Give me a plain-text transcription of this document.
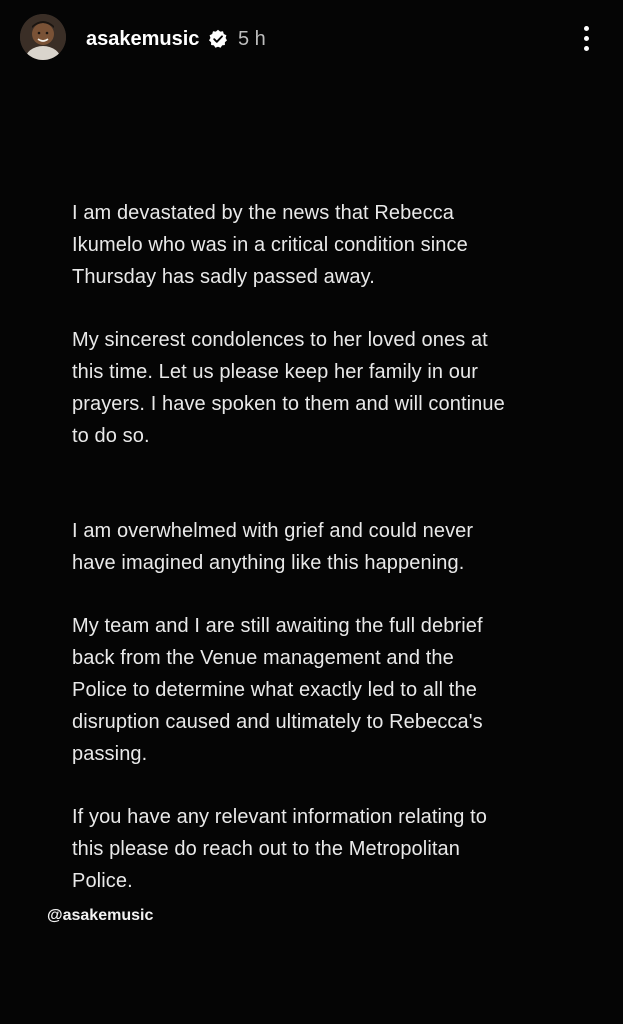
asakemusic 5 h

I am devastated by the news that Rebecca
Ikumelo who was in a critical condition since
Thursday has sadly passed away.

My sincerest condolences to her loved ones at
this time. Let us please keep her family in our
prayers. I have spoken to them and will continue
to do so.

I am overwhelmed with grief and could never
have imagined anything like this happening.

My team and I are still awaiting the full debrief
back from the Venue management and the
Police to determine what exactly led to all the
disruption caused and ultimately to Rebecca's
passing.

If you have any relevant information relating to
this please do reach out to the Metropolitan
Police.

@asakemusic
